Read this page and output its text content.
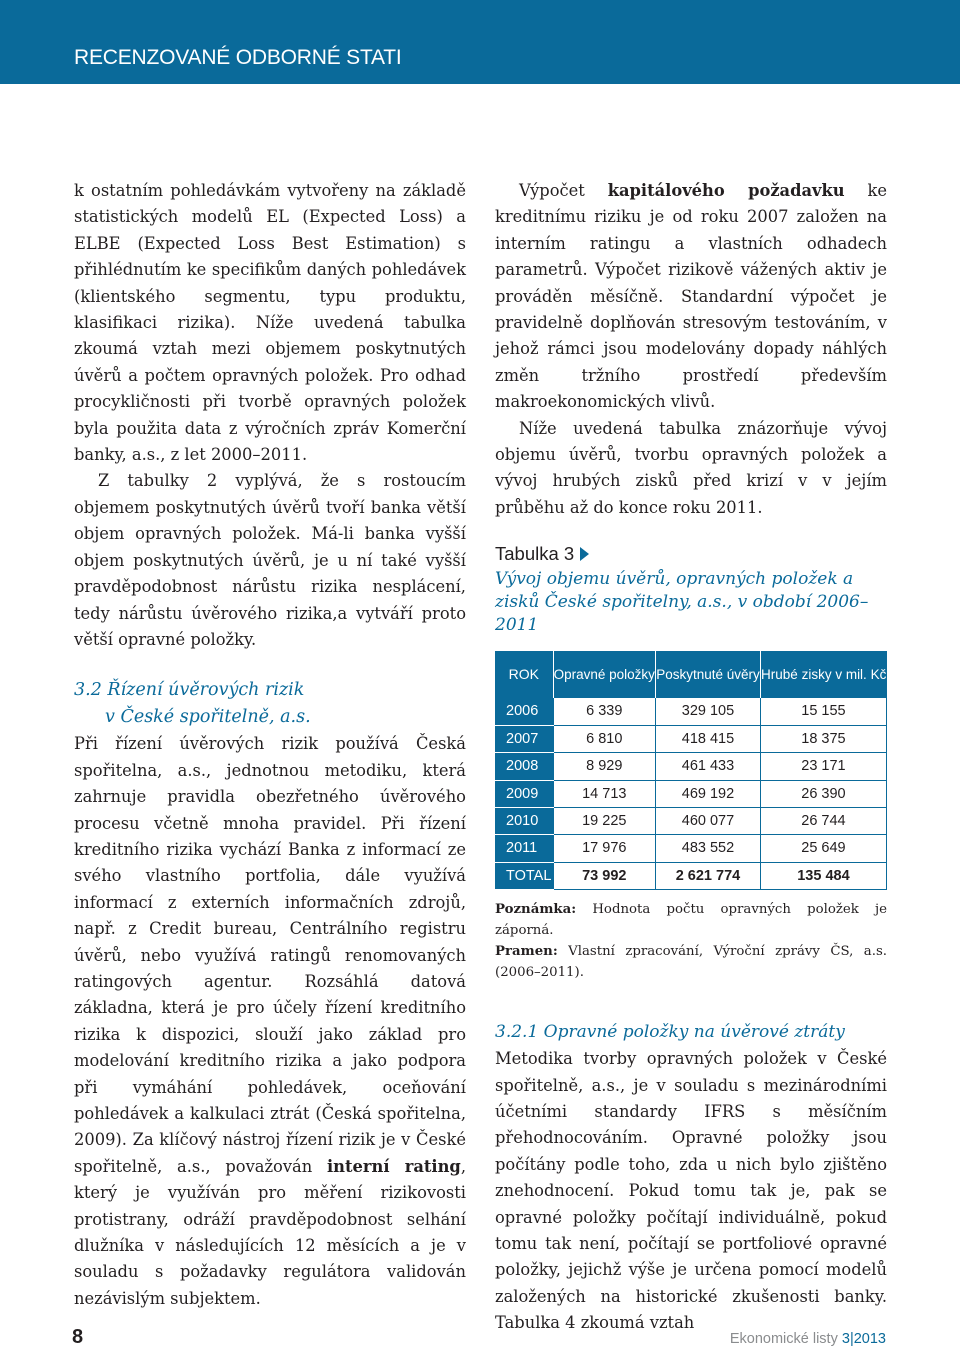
RECENZOVANÉ ODBORNÉ STATI

k ostatním pohledávkám vytvořeny na základě statistických modelů EL (Expected Loss) a ELBE (Expected Loss Best Estimation) s přihlédnutím ke specifikům daných pohledávek (klientského segmentu, typu produktu, klasifikaci rizika). Níže uvedená tabulka zkoumá vztah mezi objemem poskytnutých úvěrů a počtem opravných položek. Pro odhad procykličnosti při tvorbě opravných položek byla použita data z výročních zpráv Komerční banky, a.s., z let 2000–2011.

Z tabulky 2 vyplývá, že s rostoucím objemem poskytnutých úvěrů tvoří banka větší objem opravných položek. Má-li banka vyšší objem poskytnutých úvěrů, je u ní také vyšší pravděpodobnost nárůstu rizika nesplácení, tedy nárůstu úvěrového rizika,a vytváří proto větší opravné položky.

3.2 Řízení úvěrových rizik
v České spořitelně, a.s.

Při řízení úvěrových rizik používá Česká spořitelna, a.s., jednotnou metodiku, která zahrnuje pravidla obezřetného úvěrového procesu včetně mnoha pravidel. Při řízení kreditního rizika vychází Banka z informací ze svého vlastního portfolia, dále využívá informací z externích informačních zdrojů, např. z Credit bureau, Centrálního registru úvěrů, nebo využívá ratingů renomovaných ratingových agentur. Rozsáhlá datová základna, která je pro účely řízení kreditního rizika k dispozici, slouží jako základ pro modelování kreditního rizika a jako podpora při vymáhání pohledávek, oceňování pohledávek a kalkulaci ztrát (Česká spořitelna, 2009). Za klíčový nástroj řízení rizik je v České spořitelně, a.s., považován interní rating, který je využíván pro měření rizikovosti protistrany, odráží pravděpodobnost selhání dlužníka v následujících 12 měsících a je v souladu s požadavky regulátora validován nezávislým subjektem.

Výpočet kapitálového požadavku ke kreditnímu riziku je od roku 2007 založen na interním ratingu a vlastních odhadech parametrů. Výpočet rizikově vážených aktiv je prováděn měsíčně. Standardní výpočet je pravidelně doplňován stresovým testováním, v jehož rámci jsou modelovány dopady náhlých změn tržního prostředí především makroekonomických vlivů.

Níže uvedená tabulka znázorňuje vývoj objemu úvěrů, tvorbu opravných položek a vývoj hrubých zisků před krizí v v jejím průběhu až do konce roku 2011.

Tabulka 3
Vývoj objemu úvěrů, opravných položek a zisků České spořitelny, a.s., v období 2006–2011
ROK	Opravné položky	Poskytnuté úvěry	Hrubé zisky v mil. Kč
2006	6 339	329 105	15 155
2007	6 810	418 415	18 375
2008	8 929	461 433	23 171
2009	14 713	469 192	26 390
2010	19 225	460 077	26 744
2011	17 976	483 552	25 649
TOTAL	73 992	2 621 774	135 484
Poznámka: Hodnota počtu opravných položek je záporná.
Pramen: Vlastní zpracování, Výroční zprávy ČS, a.s. (2006–2011).
3.2.1 Opravné položky na úvěrové ztráty

Metodika tvorby opravných položek v České spořitelně, a.s., je v souladu s mezinárodními účetními standardy IFRS s měsíčním přehodnocováním. Opravné položky jsou počítány podle toho, zda u nich bylo zjištěno znehodnocení. Pokud tomu tak je, pak se opravné položky počítají individuálně, pokud tomu tak není, počítají se portfoliové opravné položky, jejichž výše je určena pomocí modelů založených na historické zkušenosti banky. Tabulka 4 zkoumá vztah

8	Ekonomické listy 3|2013
